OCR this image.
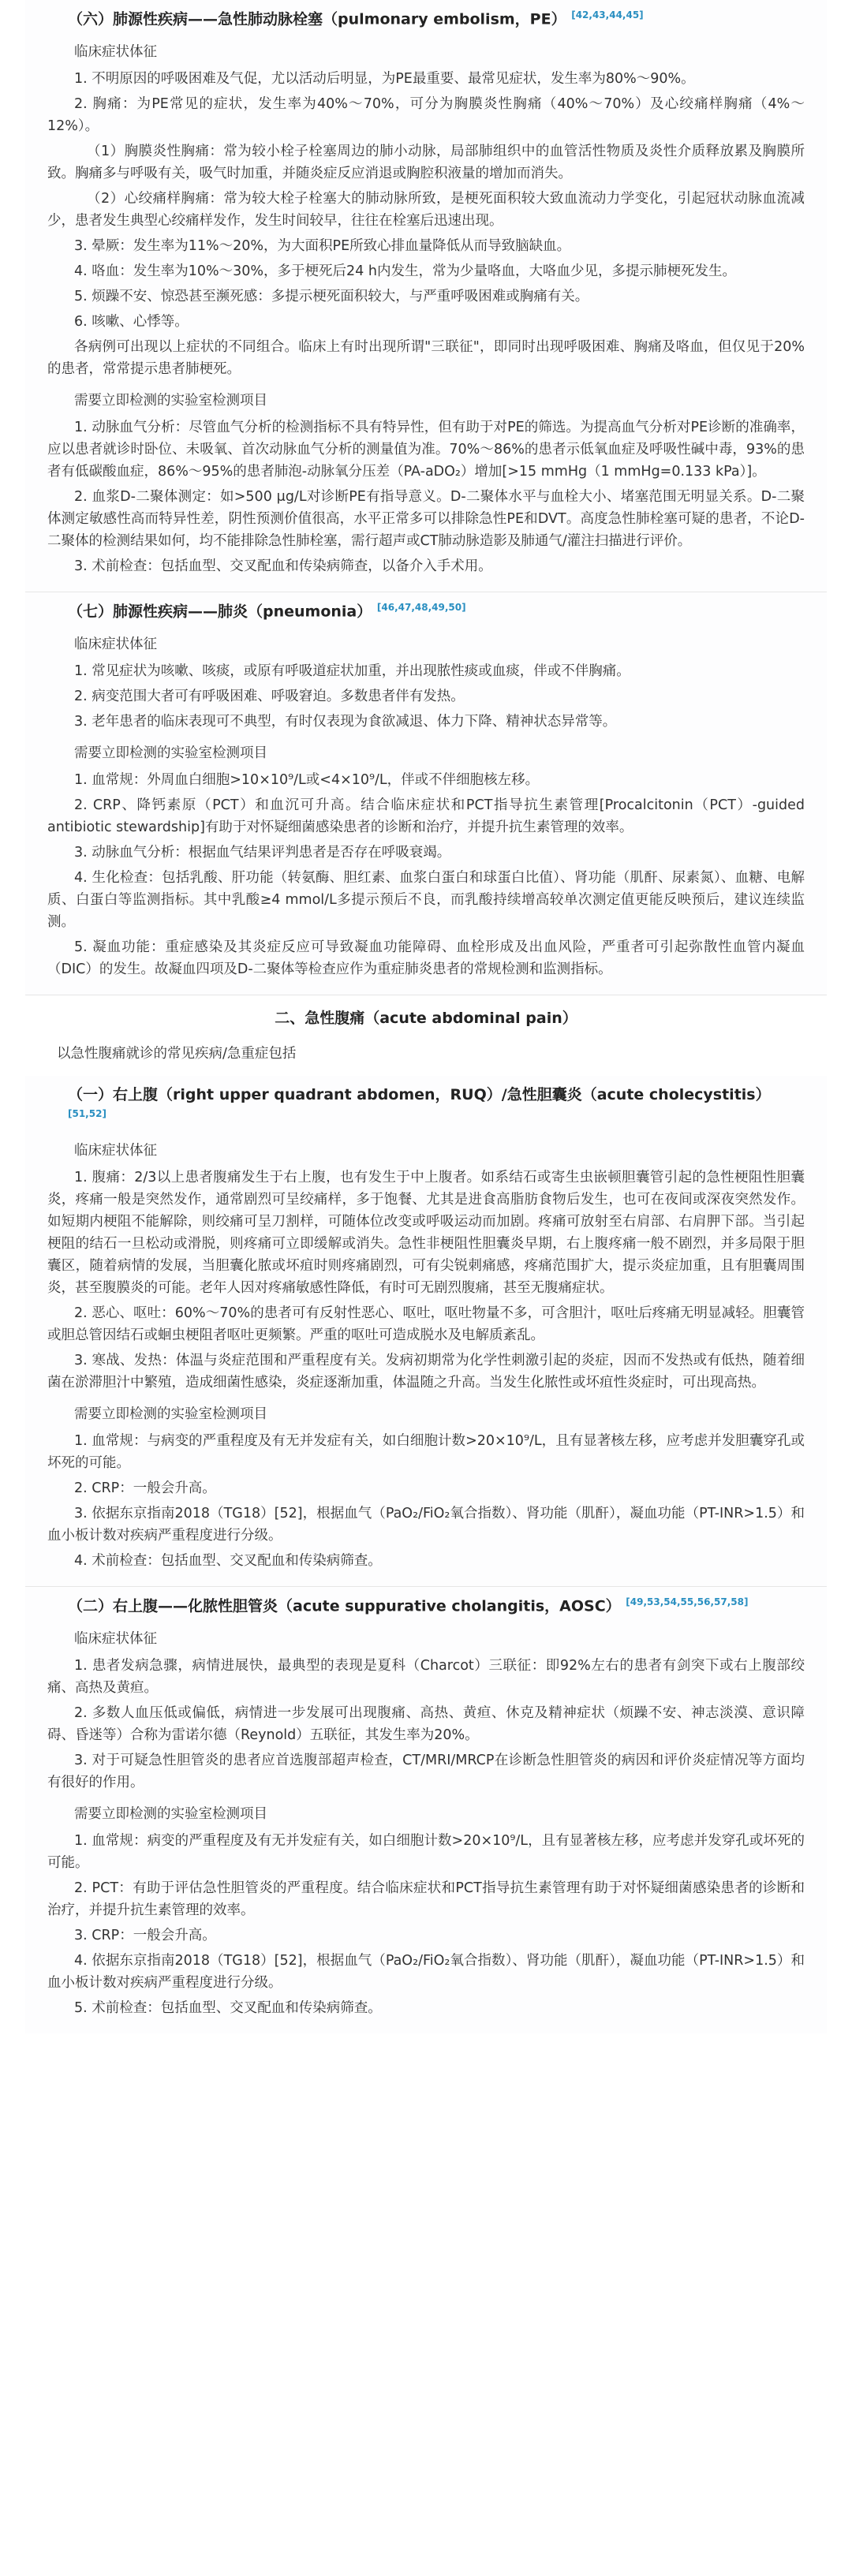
（六）肺源性疾病——急性肺动脉栓塞（pulmonary embolism，PE） [42,43,44,45]
临床症状体征

1. 不明原因的呼吸困难及气促，尤以活动后明显，为PE最重要、最常见症状，发生率为80%～90%。

2. 胸痛：为PE常见的症状，发生率为40%～70%，可分为胸膜炎性胸痛（40%～70%）及心绞痛样胸痛（4%～12%）。

（1）胸膜炎性胸痛：常为较小栓子栓塞周边的肺小动脉，局部肺组织中的血管活性物质及炎性介质释放累及胸膜所致。胸痛多与呼吸有关，吸气时加重，并随炎症反应消退或胸腔积液量的增加而消失。

（2）心绞痛样胸痛：常为较大栓子栓塞大的肺动脉所致，是梗死面积较大致血流动力学变化，引起冠状动脉血流减少，患者发生典型心绞痛样发作，发生时间较早，往往在栓塞后迅速出现。

3. 晕厥：发生率为11%～20%，为大面积PE所致心排血量降低从而导致脑缺血。

4. 咯血：发生率为10%～30%，多于梗死后24 h内发生，常为少量咯血，大咯血少见，多提示肺梗死发生。

5. 烦躁不安、惊恐甚至濒死感：多提示梗死面积较大，与严重呼吸困难或胸痛有关。

6. 咳嗽、心悸等。

各病例可出现以上症状的不同组合。临床上有时出现所谓"三联征"，即同时出现呼吸困难、胸痛及咯血，但仅见于20%的患者，常常提示患者肺梗死。

需要立即检测的实验室检测项目

1. 动脉血气分析：尽管血气分析的检测指标不具有特异性，但有助于对PE的筛选。为提高血气分析对PE诊断的准确率，应以患者就诊时卧位、未吸氧、首次动脉血气分析的测量值为准。70%～86%的患者示低氧血症及呼吸性碱中毒，93%的患者有低碳酸血症，86%～95%的患者肺泡-动脉氧分压差（PA-aDO₂）增加[>15 mmHg（1 mmHg=0.133 kPa）]。

2. 血浆D-二聚体测定：如>500 μg/L对诊断PE有指导意义。D-二聚体水平与血栓大小、堵塞范围无明显关系。D-二聚体测定敏感性高而特异性差，阴性预测价值很高，水平正常多可以排除急性PE和DVT。高度急性肺栓塞可疑的患者，不论D-二聚体的检测结果如何，均不能排除急性肺栓塞，需行超声或CT肺动脉造影及肺通气/灌注扫描进行评价。

3. 术前检查：包括血型、交叉配血和传染病筛查，以备介入手术用。

（七）肺源性疾病——肺炎（pneumonia） [46,47,48,49,50]
临床症状体征

1. 常见症状为咳嗽、咳痰，或原有呼吸道症状加重，并出现脓性痰或血痰，伴或不伴胸痛。

2. 病变范围大者可有呼吸困难、呼吸窘迫。多数患者伴有发热。

3. 老年患者的临床表现可不典型，有时仅表现为食欲减退、体力下降、精神状态异常等。

需要立即检测的实验室检测项目

1. 血常规：外周血白细胞>10×10⁹/L或<4×10⁹/L，伴或不伴细胞核左移。

2. CRP、降钙素原（PCT）和血沉可升高。结合临床症状和PCT指导抗生素管理[Procalcitonin（PCT）-guided antibiotic stewardship]有助于对怀疑细菌感染患者的诊断和治疗，并提升抗生素管理的效率。

3. 动脉血气分析：根据血气结果评判患者是否存在呼吸衰竭。

4. 生化检查：包括乳酸、肝功能（转氨酶、胆红素、血浆白蛋白和球蛋白比值）、肾功能（肌酐、尿素氮）、血糖、电解质、白蛋白等监测指标。其中乳酸≥4 mmol/L多提示预后不良，而乳酸持续增高较单次测定值更能反映预后，建议连续监测。

5. 凝血功能：重症感染及其炎症反应可导致凝血功能障碍、血栓形成及出血风险，严重者可引起弥散性血管内凝血（DIC）的发生。故凝血四项及D-二聚体等检查应作为重症肺炎患者的常规检测和监测指标。

二、急性腹痛（acute abdominal pain）
以急性腹痛就诊的常见疾病/急重症包括
（一）右上腹（right upper quadrant abdomen，RUQ）/急性胆囊炎（acute cholecystitis） [51,52]
临床症状体征

1. 腹痛：2/3以上患者腹痛发生于右上腹，也有发生于中上腹者。如系结石或寄生虫嵌顿胆囊管引起的急性梗阻性胆囊炎，疼痛一般是突然发作，通常剧烈可呈绞痛样，多于饱餐、尤其是进食高脂肪食物后发生，也可在夜间或深夜突然发作。如短期内梗阻不能解除，则绞痛可呈刀割样，可随体位改变或呼吸运动而加剧。疼痛可放射至右肩部、右肩胛下部。当引起梗阻的结石一旦松动或滑脱，则疼痛可立即缓解或消失。急性非梗阻性胆囊炎早期，右上腹疼痛一般不剧烈，并多局限于胆囊区，随着病情的发展，当胆囊化脓或坏疽时则疼痛剧烈，可有尖锐刺痛感，疼痛范围扩大，提示炎症加重，且有胆囊周围炎，甚至腹膜炎的可能。老年人因对疼痛敏感性降低，有时可无剧烈腹痛，甚至无腹痛症状。

2. 恶心、呕吐：60%～70%的患者可有反射性恶心、呕吐，呕吐物量不多，可含胆汁，呕吐后疼痛无明显减轻。胆囊管或胆总管因结石或蛔虫梗阻者呕吐更频繁。严重的呕吐可造成脱水及电解质紊乱。

3. 寒战、发热：体温与炎症范围和严重程度有关。发病初期常为化学性刺激引起的炎症，因而不发热或有低热，随着细菌在淤滞胆汁中繁殖，造成细菌性感染，炎症逐渐加重，体温随之升高。当发生化脓性或坏疽性炎症时，可出现高热。

需要立即检测的实验室检测项目

1. 血常规：与病变的严重程度及有无并发症有关，如白细胞计数>20×10⁹/L，且有显著核左移，应考虑并发胆囊穿孔或坏死的可能。

2. CRP：一般会升高。

3. 依据东京指南2018（TG18）[52]，根据血气（PaO₂/FiO₂氧合指数）、肾功能（肌酐），凝血功能（PT-INR>1.5）和血小板计数对疾病严重程度进行分级。

4. 术前检查：包括血型、交叉配血和传染病筛查。

（二）右上腹——化脓性胆管炎（acute suppurative cholangitis，AOSC） [49,53,54,55,56,57,58]
临床症状体征

1. 患者发病急骤，病情进展快，最典型的表现是夏科（Charcot）三联征：即92%左右的患者有剑突下或右上腹部绞痛、高热及黄疸。

2. 多数人血压低或偏低，病情进一步发展可出现腹痛、高热、黄疸、休克及精神症状（烦躁不安、神志淡漠、意识障碍、昏迷等）合称为雷诺尔德（Reynold）五联征，其发生率为20%。

3. 对于可疑急性胆管炎的患者应首选腹部超声检查，CT/MRI/MRCP在诊断急性胆管炎的病因和评价炎症情况等方面均有很好的作用。

需要立即检测的实验室检测项目

1. 血常规：病变的严重程度及有无并发症有关，如白细胞计数>20×10⁹/L，且有显著核左移，应考虑并发穿孔或坏死的可能。

2. PCT：有助于评估急性胆管炎的严重程度。结合临床症状和PCT指导抗生素管理有助于对怀疑细菌感染患者的诊断和治疗，并提升抗生素管理的效率。

3. CRP：一般会升高。

4. 依据东京指南2018（TG18）[52]，根据血气（PaO₂/FiO₂氧合指数）、肾功能（肌酐），凝血功能（PT-INR>1.5）和血小板计数对疾病严重程度进行分级。

5. 术前检查：包括血型、交叉配血和传染病筛查。
